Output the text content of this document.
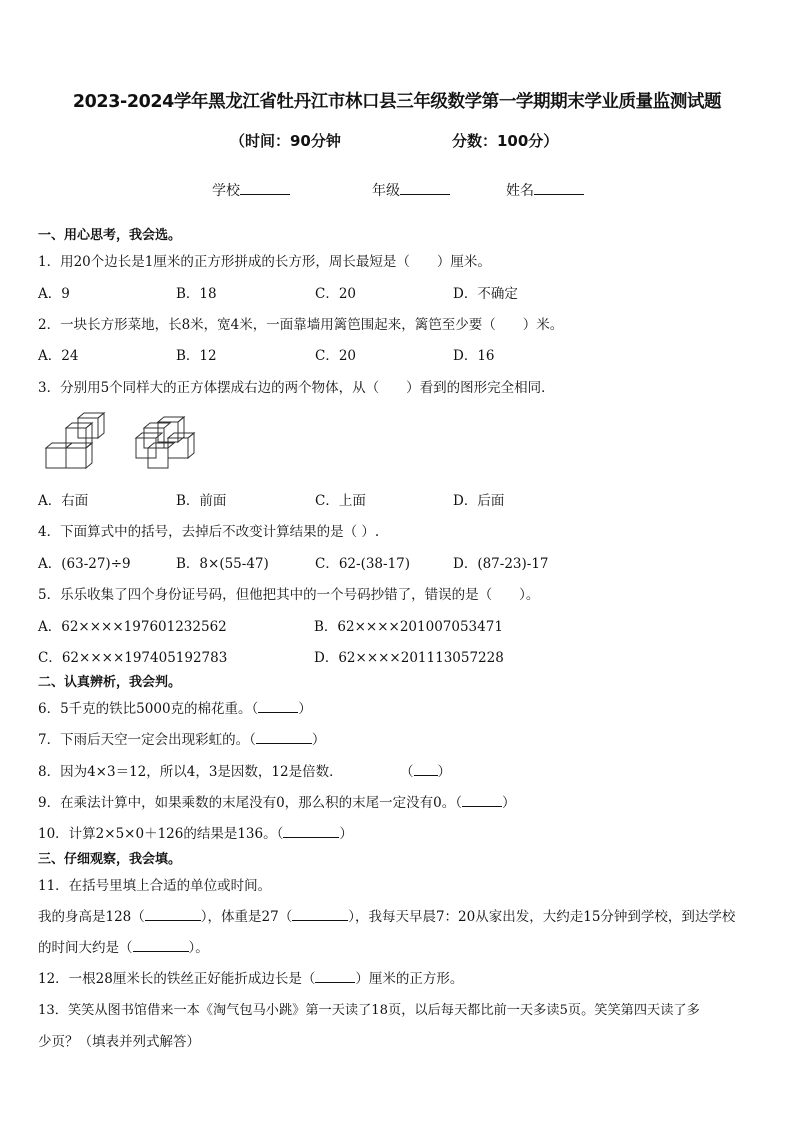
2023-2024学年黑龙江省牡丹江市林口县三年级数学第一学期期末学业质量监测试题
（时间：90分钟	分数：100分）
学校	年级	姓名
一、用心思考，我会选。
1．用20个边长是1厘米的正方形拼成的长方形，周长最短是（　　）厘米。
A．9	B．18	C．20	D．不确定
2．一块长方形菜地，长8米，宽4米，一面靠墙用篱笆围起来，篱笆至少要（　　）米。
A．24	B．12	C．20	D．16
3．分别用5个同样大的正方体摆成右边的两个物体，从（　　）看到的图形完全相同．
A．右面	B．前面	C．上面	D．后面
4．下面算式中的括号，去掉后不改变计算结果的是（ ）.
A．(63-27)÷9	B．8×(55-47)	C．62-(38-17)	D．(87-23)-17
5．乐乐收集了四个身份证号码，但他把其中的一个号码抄错了，错误的是（　　）。
A．62××××197601232562	B．62××××201007053471
C．62××××197405192783	D．62××××201113057228
二、认真辨析，我会判。
6．5千克的铁比5000克的棉花重。（	）
7．下雨后天空一定会出现彩虹的。（	）
8．因为4×3＝12，所以4，3是因数，12是倍数．	（ ）
9．在乘法计算中，如果乘数的末尾没有0，那么积的末尾一定没有0。（	）
10．计算2×5×0＋126的结果是136。（	）
三、仔细观察，我会填。
11．在括号里填上合适的单位或时间。
我的身高是128（	），体重是27（	），我每天早晨7：20从家出发，大约走15分钟到学校，到达学校
的时间大约是（	）。
12．一根28厘米长的铁丝正好能折成边长是（	）厘米的正方形。
13．笑笑从图书馆借来一本《淘气包马小跳》第一天读了18页，以后每天都比前一天多读5页。笑笑第四天读了多
少页？（填表并列式解答）
